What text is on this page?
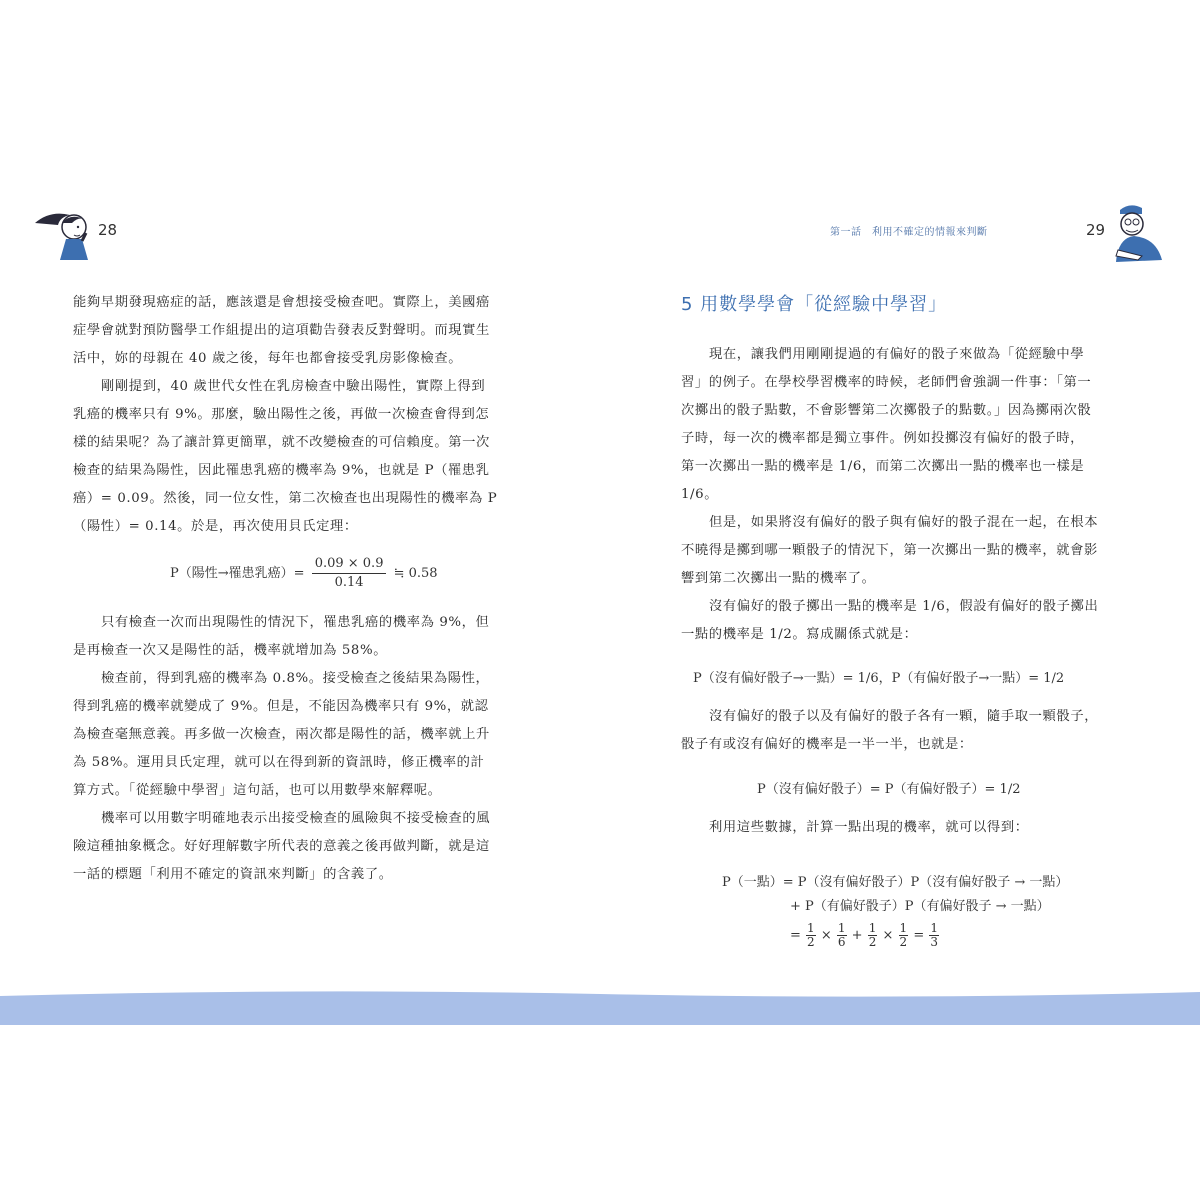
28	第一話　利用不確定的情報來判斷	29
能夠早期發現癌症的話，應該還是會想接受檢查吧。實際上，美國癌
症學會就對預防醫學工作組提出的這項勸告發表反對聲明。而現實生
活中，妳的母親在 40 歲之後，每年也都會接受乳房影像檢查。
剛剛提到，40 歲世代女性在乳房檢查中驗出陽性，實際上得到
乳癌的機率只有 9%。那麼，驗出陽性之後，再做一次檢查會得到怎
樣的結果呢？為了讓計算更簡單，就不改變檢查的可信賴度。第一次
檢查的結果為陽性，因此罹患乳癌的機率為 9%，也就是 P（罹患乳
癌）= 0.09。然後，同一位女性，第二次檢查也出現陽性的機率為 P
（陽性）= 0.14。於是，再次使用貝氏定理：
P（陽性→罹患乳癌）= $\frac{0.09 \times 0.9}{0.14}$ ≒ 0.58
只有檢查一次而出現陽性的情況下，罹患乳癌的機率為 9%，但
是再檢查一次又是陽性的話，機率就增加為 58%。
檢查前，得到乳癌的機率為 0.8%。接受檢查之後結果為陽性，
得到乳癌的機率就變成了 9%。但是，不能因為機率只有 9%，就認
為檢查毫無意義。再多做一次檢查，兩次都是陽性的話，機率就上升
為 58%。運用貝氏定理，就可以在得到新的資訊時，修正機率的計
算方式。「從經驗中學習」這句話，也可以用數學來解釋呢。
機率可以用數字明確地表示出接受檢查的風險與不接受檢查的風
險這種抽象概念。好好理解數字所代表的意義之後再做判斷，就是這
一話的標題「利用不確定的資訊來判斷」的含義了。
5 用數學學會「從經驗中學習」
現在，讓我們用剛剛提過的有偏好的骰子來做為「從經驗中學
習」的例子。在學校學習機率的時候，老師們會強調一件事：「第一
次擲出的骰子點數，不會影響第二次擲骰子的點數。」因為擲兩次骰
子時，每一次的機率都是獨立事件。例如投擲沒有偏好的骰子時，
第一次擲出一點的機率是 1/6，而第二次擲出一點的機率也一樣是
1/6。
但是，如果將沒有偏好的骰子與有偏好的骰子混在一起，在根本
不曉得是擲到哪一顆骰子的情況下，第一次擲出一點的機率，就會影
響到第二次擲出一點的機率了。
沒有偏好的骰子擲出一點的機率是 1/6，假設有偏好的骰子擲出
一點的機率是 1/2。寫成關係式就是：
P（沒有偏好骰子→一點）= 1/6，P（有偏好骰子→一點）= 1/2
沒有偏好的骰子以及有偏好的骰子各有一顆，隨手取一顆骰子，
骰子有或沒有偏好的機率是一半一半，也就是：
P（沒有偏好骰子）= P（有偏好骰子）= 1/2
利用這些數據，計算一點出現的機率，就可以得到：
P（一點）= P（沒有偏好骰子）P（沒有偏好骰子 → 一點）
+ P（有偏好骰子）P（有偏好骰子 → 一點）
= $\frac{1}{2} \times \frac{1}{6} + \frac{1}{2} \times \frac{1}{2} = \frac{1}{3}$
